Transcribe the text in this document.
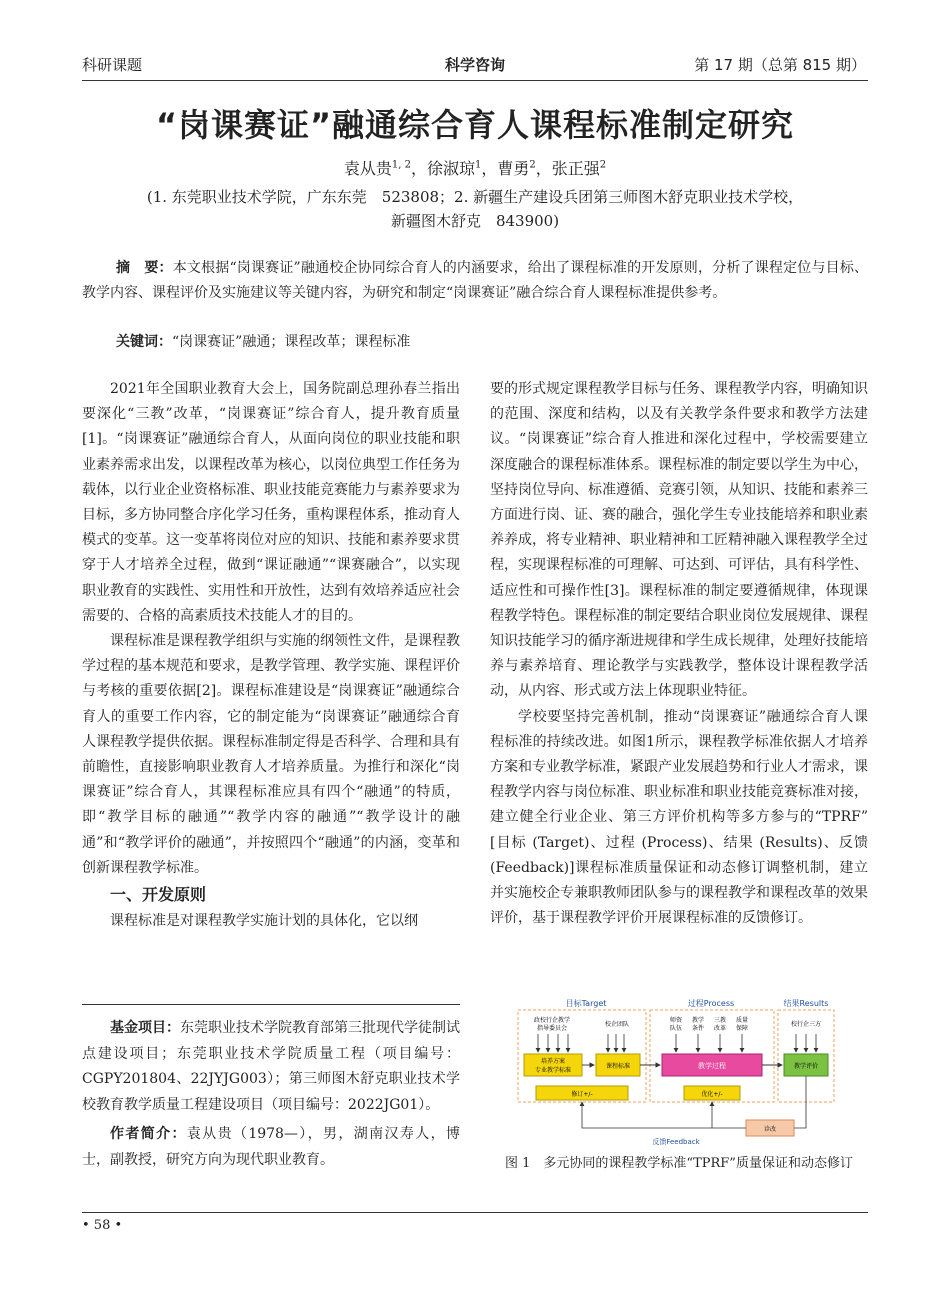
科研课题	科学咨询	第 17 期（总第 815 期）
“岗课赛证”融通综合育人课程标准制定研究
袁从贵$^{1, 2}$，徐淑琼$^1$，曹勇$^2$，张正强$^2$
(1. 东莞职业技术学院，广东东莞　523808；2. 新疆生产建设兵团第三师图木舒克职业技术学校，
新疆图木舒克　843900)
摘　要：本文根据“岗课赛证”融通校企协同综合育人的内涵要求，给出了课程标准的开发原则，分析了课程定位与目标、教学内容、课程评价及实施建议等关键内容，为研究和制定“岗课赛证”融合综合育人课程标准提供参考。
关键词：“岗课赛证”融通；课程改革；课程标准

2021年全国职业教育大会上，国务院副总理孙春兰指出要深化“三教”改革，“岗课赛证”综合育人，提升教育质量[1]。“岗课赛证”融通综合育人，从面向岗位的职业技能和职业素养需求出发，以课程改革为核心，以岗位典型工作任务为载体，以行业企业资格标准、职业技能竞赛能力与素养要求为目标，多方协同整合序化学习任务，重构课程体系，推动育人模式的变革。这一变革将岗位对应的知识、技能和素养要求贯穿于人才培养全过程，做到“课证融通”“课赛融合”，以实现职业教育的实践性、实用性和开放性，达到有效培养适应社会需要的、合格的高素质技术技能人才的目的。

课程标准是课程教学组织与实施的纲领性文件，是课程教学过程的基本规范和要求，是教学管理、教学实施、课程评价与考核的重要依据[2]。课程标准建设是“岗课赛证”融通综合育人的重要工作内容，它的制定能为“岗课赛证”融通综合育人课程教学提供依据。课程标准制定得是否科学、合理和具有前瞻性，直接影响职业教育人才培养质量。为推行和深化“岗课赛证”综合育人，其课程标准应具有四个“融通”的特质，即“教学目标的融通”“教学内容的融通”“教学设计的融通”和“教学评价的融通”，并按照四个“融通”的内涵，变革和创新课程教学标准。

一、开发原则

课程标准是对课程教学实施计划的具体化，它以纲

要的形式规定课程教学目标与任务、课程教学内容，明确知识的范围、深度和结构，以及有关教学条件要求和教学方法建议。“岗课赛证”综合育人推进和深化过程中，学校需要建立深度融合的课程标准体系。课程标准的制定要以学生为中心，坚持岗位导向、标准遵循、竞赛引领，从知识、技能和素养三方面进行岗、证、赛的融合，强化学生专业技能培养和职业素养养成，将专业精神、职业精神和工匠精神融入课程教学全过程，实现课程标准的可理解、可达到、可评估，具有科学性、适应性和可操作性[3]。课程标准的制定要遵循规律，体现课程教学特色。课程标准的制定要结合职业岗位发展规律、课程知识技能学习的循序渐进规律和学生成长规律，处理好技能培养与素养培育、理论教学与实践教学，整体设计课程教学活动，从内容、形式或方法上体现职业特征。

学校要坚持完善机制，推动“岗课赛证”融通综合育人课程标准的持续改进。如图1所示，课程教学标准依据人才培养方案和专业教学标准，紧跟产业发展趋势和行业人才需求，课程教学内容与岗位标准、职业标准和职业技能竞赛标准对接，建立健全行业企业、第三方评价机构等多方参与的“TPRF”　[目标 (Target)、过程 (Process)、结果 (Results)、反馈 (Feedback)]课程标准质量保证和动态修订调整机制，建立并实施校企专兼职教师团队参与的课程教学和课程改革的效果评价，基于课程教学评价开展课程标准的反馈修订。

基金项目：东莞职业技术学院教育部第三批现代学徒制试点建设项目；东莞职业技术学院质量工程（项目编号：CGPY201804、22JYJG003）；第三师图木舒克职业技术学校教育教学质量工程建设项目（项目编号：2022JG01）。

作者简介：袁从贵（1978—），男，湖南汉寿人，博士，副教授，研究方向为现代职业教育。

目标Target	过程Process	结果Results
政校行企教学
指导委员会
校企团队
师资
队伍
教学
条件
三教
改革
质量
保障
校行企三方
培养方案
专业教学标准
课程标准	教学过程	教学评价
修订+/-	优化+/-
诊改
反馈Feedback
图 1　多元协同的课程教学标准“TPRF”质量保证和动态修订
• 58 •
